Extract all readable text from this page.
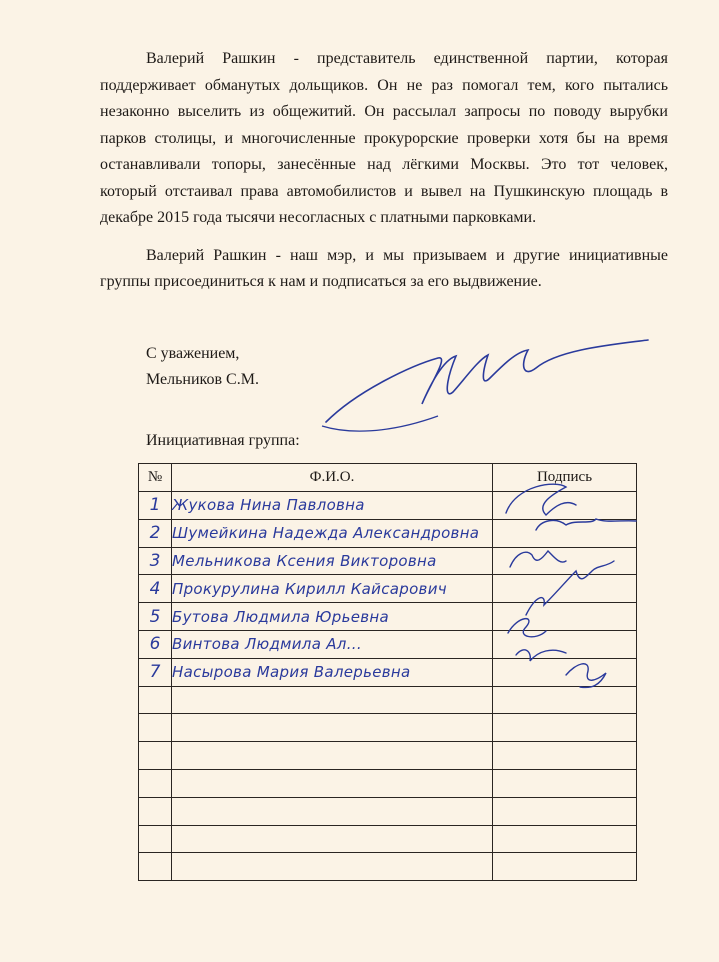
Валерий Рашкин - представитель единственной партии, которая поддерживает обманутых дольщиков. Он не раз помогал тем, кого пытались незаконно выселить из общежитий. Он рассылал запросы по поводу вырубки парков столицы, и многочисленные прокурорские проверки хотя бы на время останавливали топоры, занесённые над лёгкими Москвы. Это тот человек, который отстаивал права автомобилистов и вывел на Пушкинскую площадь в декабре 2015 года тысячи несогласных с платными парковками.

Валерий Рашкин - наш мэр, и мы призываем и другие инициативные группы присоединиться к нам и подписаться за его выдвижение.

С уважением,
Мельников С.М.
Инициативная группа:
№	Ф.И.О.	Подпись
1	Жукова Нина Павловна	
2	Шумейкина Надежда Александровна	
3	Мельникова Ксения Викторовна	
4	Прокурулина Кирилл Кайсарович	
5	Бутова Людмила Юрьевна	
6	Винтова Людмила Ал...	
7	Насырова Мария Валерьевна	
